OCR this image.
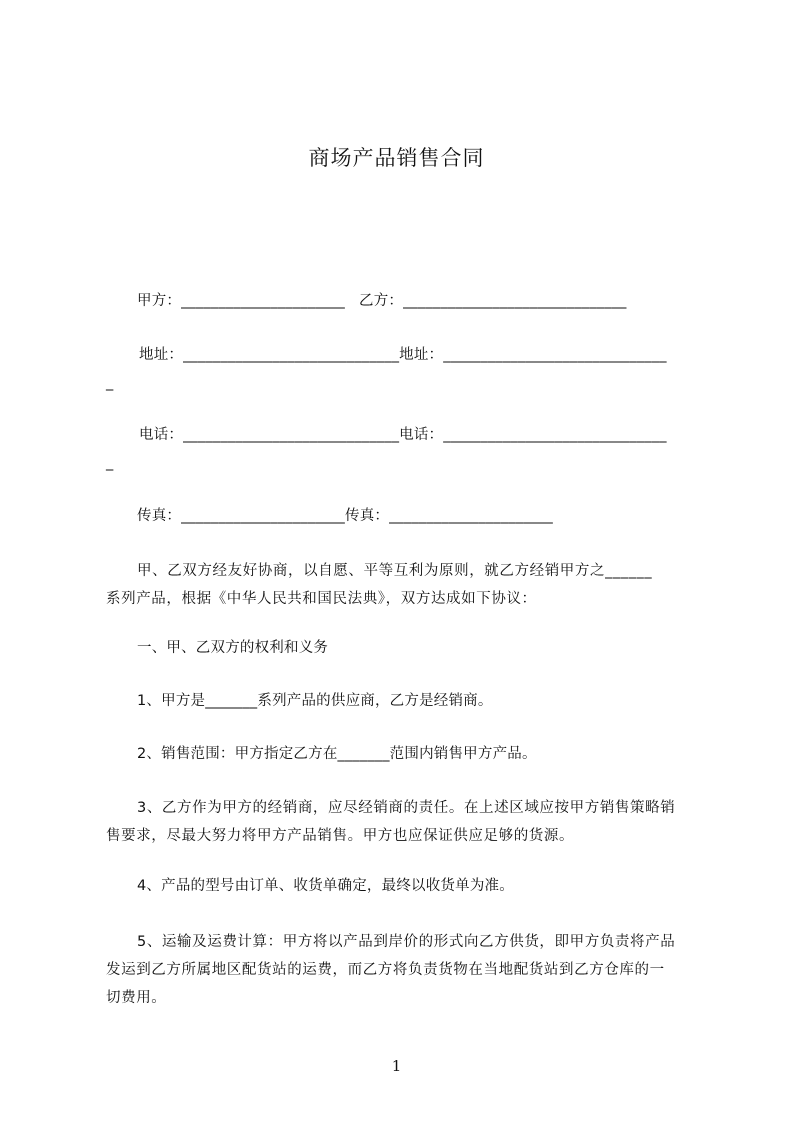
商场产品销售合同
甲方：______________________ 乙方：______________________________
地址：_____________________________地址：______________________________
_
电话：_____________________________电话：______________________________
_
传真：______________________传真：______________________
甲、乙双方经友好协商，以自愿、平等互利为原则，就乙方经销甲方之______
系列产品，根据《中华人民共和国民法典》，双方达成如下协议：
一、甲、乙双方的权利和义务
1、甲方是_______系列产品的供应商，乙方是经销商。
2、销售范围：甲方指定乙方在_______范围内销售甲方产品。
3、乙方作为甲方的经销商，应尽经销商的责任。在上述区域应按甲方销售策略销
售要求，尽最大努力将甲方产品销售。甲方也应保证供应足够的货源。
4、产品的型号由订单、收货单确定，最终以收货单为准。
5、运输及运费计算：甲方将以产品到岸价的形式向乙方供货，即甲方负责将产品
发运到乙方所属地区配货站的运费，而乙方将负责货物在当地配货站到乙方仓库的一
切费用。
1
